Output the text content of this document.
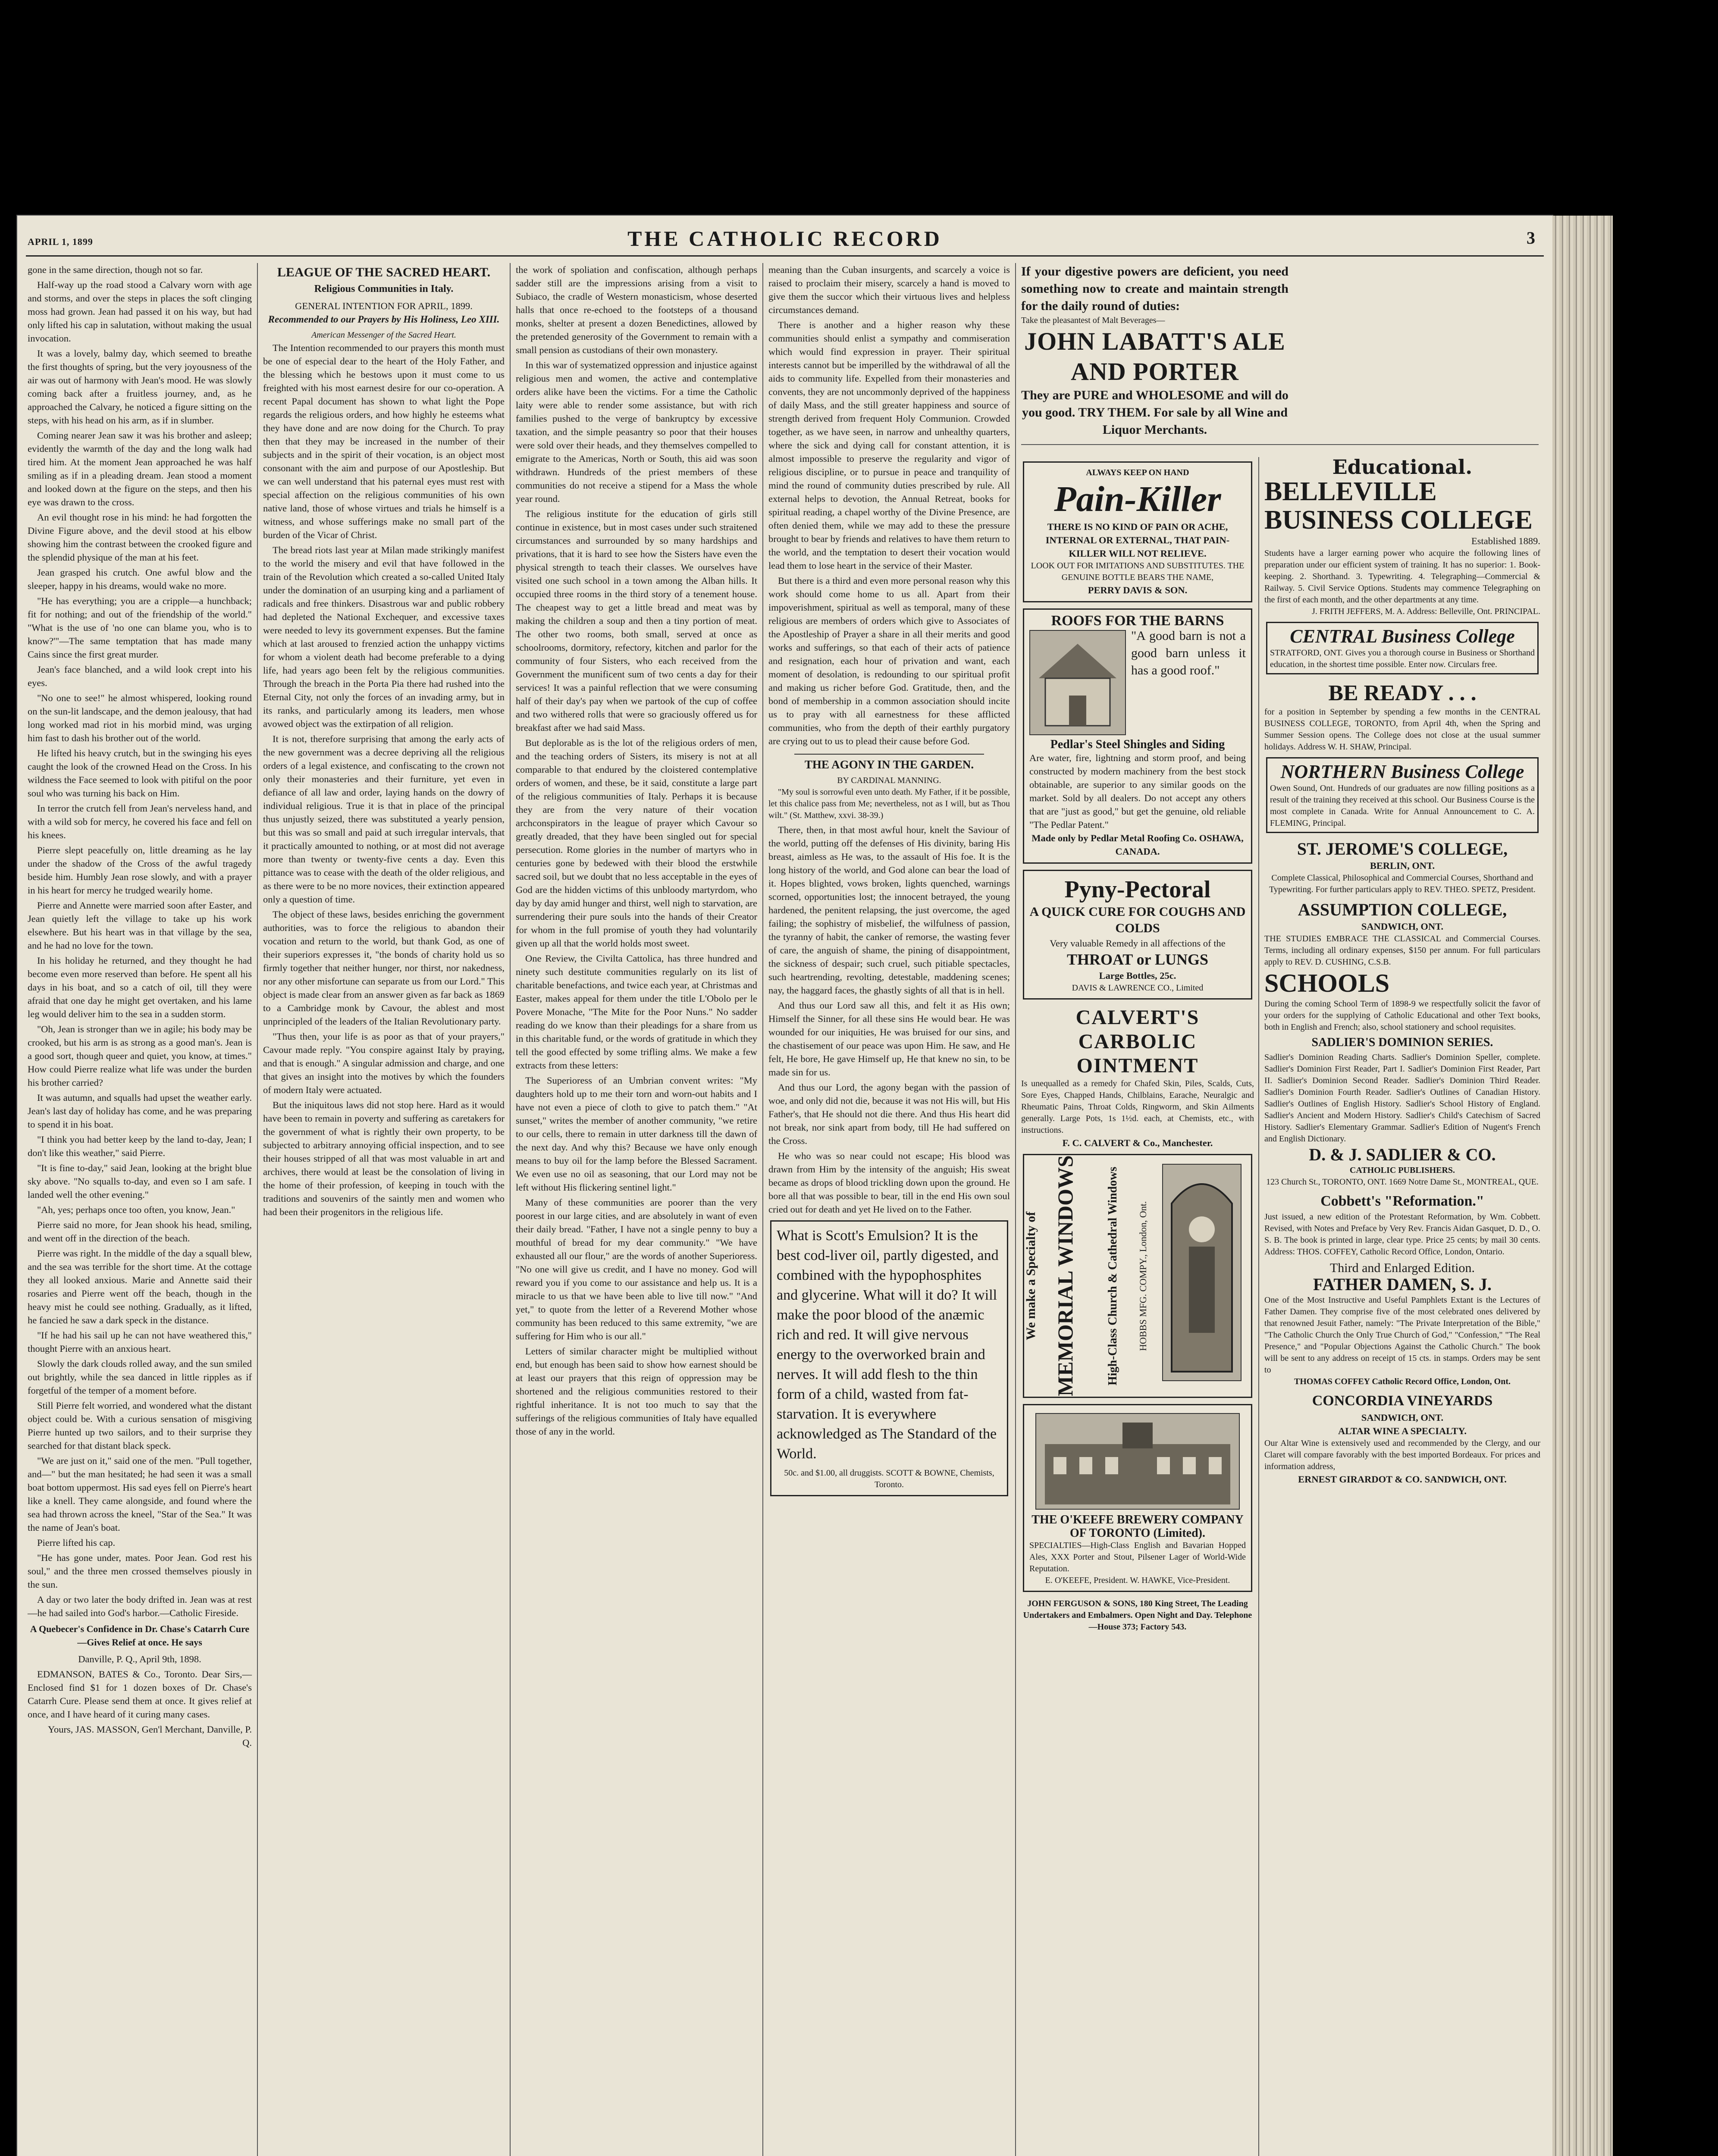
APRIL 1, 1899	THE CATHOLIC RECORD	3

gone in the same direction, though not so far.

Half-way up the road stood a Calvary worn with age and storms, and over the steps in places the soft clinging moss had grown. Jean had passed it on his way, but had only lifted his cap in salutation, without making the usual invocation.

It was a lovely, balmy day, which seemed to breathe the first thoughts of spring, but the very joyousness of the air was out of harmony with Jean's mood. He was slowly coming back after a fruitless journey, and, as he approached the Calvary, he noticed a figure sitting on the steps, with his head on his arm, as if in slumber.

Coming nearer Jean saw it was his brother and asleep; evidently the warmth of the day and the long walk had tired him. At the moment Jean approached he was half smiling as if in a pleading dream. Jean stood a moment and looked down at the figure on the steps, and then his eye was drawn to the cross.

An evil thought rose in his mind: he had forgotten the Divine Figure above, and the devil stood at his elbow showing him the contrast between the crooked figure and the splendid physique of the man at his feet.

Jean grasped his crutch. One awful blow and the sleeper, happy in his dreams, would wake no more.

"He has everything; you are a cripple—a hunchback; fit for nothing; and out of the friendship of the world." "What is the use of 'no one can blame you, who is to know?'"—The same temptation that has made many Cains since the first great murder.

Jean's face blanched, and a wild look crept into his eyes.

"No one to see!" he almost whispered, looking round on the sun-lit landscape, and the demon jealousy, that had long worked mad riot in his morbid mind, was urging him fast to dash his brother out of the world.

He lifted his heavy crutch, but in the swinging his eyes caught the look of the crowned Head on the Cross. In his wildness the Face seemed to look with pitiful on the poor soul who was turning his back on Him.

In terror the crutch fell from Jean's nerveless hand, and with a wild sob for mercy, he covered his face and fell on his knees.

Pierre slept peacefully on, little dreaming as he lay under the shadow of the Cross of the awful tragedy beside him. Humbly Jean rose slowly, and with a prayer in his heart for mercy he trudged wearily home.

Pierre and Annette were married soon after Easter, and Jean quietly left the village to take up his work elsewhere. But his heart was in that village by the sea, and he had no love for the town.

In his holiday he returned, and they thought he had become even more reserved than before. He spent all his days in his boat, and so a catch of oil, till they were afraid that one day he might get overtaken, and his lame leg would deliver him to the sea in a sudden storm.

"Oh, Jean is stronger than we in agile; his body may be crooked, but his arm is as strong as a good man's. Jean is a good sort, though queer and quiet, you know, at times." How could Pierre realize what life was under the burden his brother carried?

It was autumn, and squalls had upset the weather early. Jean's last day of holiday has come, and he was preparing to spend it in his boat.

"I think you had better keep by the land to-day, Jean; I don't like this weather," said Pierre.

"It is fine to-day," said Jean, looking at the bright blue sky above. "No squalls to-day, and even so I am safe. I landed well the other evening."

"Ah, yes; perhaps once too often, you know, Jean."

Pierre said no more, for Jean shook his head, smiling, and went off in the direction of the beach.

Pierre was right. In the middle of the day a squall blew, and the sea was terrible for the short time. At the cottage they all looked anxious. Marie and Annette said their rosaries and Pierre went off the beach, though in the heavy mist he could see nothing. Gradually, as it lifted, he fancied he saw a dark speck in the distance.

"If he had his sail up he can not have weathered this," thought Pierre with an anxious heart.

Slowly the dark clouds rolled away, and the sun smiled out brightly, while the sea danced in little ripples as if forgetful of the temper of a moment before.

Still Pierre felt worried, and wondered what the distant object could be. With a curious sensation of misgiving Pierre hunted up two sailors, and to their surprise they searched for that distant black speck.

"We are just on it," said one of the men. "Pull together, and—" but the man hesitated; he had seen it was a small boat bottom uppermost. His sad eyes fell on Pierre's heart like a knell. They came alongside, and found where the sea had thrown across the kneel, "Star of the Sea." It was the name of Jean's boat.

Pierre lifted his cap.

"He has gone under, mates. Poor Jean. God rest his soul," and the three men crossed themselves piously in the sun.

A day or two later the body drifted in. Jean was at rest—he had sailed into God's harbor.—Catholic Fireside.

A Quebecer's Confidence in Dr. Chase's Catarrh Cure—Gives Relief at once. He says

Danville, P. Q., April 9th, 1898.

EDMANSON, BATES & Co., Toronto. Dear Sirs,—Enclosed find $1 for 1 dozen boxes of Dr. Chase's Catarrh Cure. Please send them at once. It gives relief at once, and I have heard of it curing many cases.

Yours, JAS. MASSON, Gen'l Merchant, Danville, P. Q.

LEAGUE OF THE SACRED HEART.
Religious Communities in Italy.
GENERAL INTENTION FOR APRIL, 1899.
Recommended to our Prayers by His Holiness, Leo XIII.
American Messenger of the Sacred Heart.

The Intention recommended to our prayers this month must be one of especial dear to the heart of the Holy Father, and the blessing which he bestows upon it must come to us freighted with his most earnest desire for our co-operation. A recent Papal document has shown to what light the Pope regards the religious orders, and how highly he esteems what they have done and are now doing for the Church. To pray then that they may be increased in the number of their subjects and in the spirit of their vocation, is an object most consonant with the aim and purpose of our Apostleship. But we can well understand that his paternal eyes must rest with special affection on the religious communities of his own native land, those of whose virtues and trials he himself is a witness, and whose sufferings make no small part of the burden of the Vicar of Christ.

The bread riots last year at Milan made strikingly manifest to the world the misery and evil that have followed in the train of the Revolution which created a so-called United Italy under the domination of an usurping king and a parliament of radicals and free thinkers. Disastrous war and public robbery had depleted the National Exchequer, and excessive taxes were needed to levy its government expenses. But the famine which at last aroused to frenzied action the unhappy victims for whom a violent death had become preferable to a dying life, had years ago been felt by the religious communities. Through the breach in the Porta Pia there had rushed into the Eternal City, not only the forces of an invading army, but in its ranks, and particularly among its leaders, men whose avowed object was the extirpation of all religion.

It is not, therefore surprising that among the early acts of the new government was a decree depriving all the religious orders of a legal existence, and confiscating to the crown not only their monasteries and their furniture, yet even in defiance of all law and order, laying hands on the dowry of individual religious. True it is that in place of the principal thus unjustly seized, there was substituted a yearly pension, but this was so small and paid at such irregular intervals, that it practically amounted to nothing, or at most did not average more than twenty or twenty-five cents a day. Even this pittance was to cease with the death of the older religious, and as there were to be no more novices, their extinction appeared only a question of time.

The object of these laws, besides enriching the government authorities, was to force the religious to abandon their vocation and return to the world, but thank God, as one of their superiors expresses it, "the bonds of charity hold us so firmly together that neither hunger, nor thirst, nor nakedness, nor any other misfortune can separate us from our Lord." This object is made clear from an answer given as far back as 1869 to a Cambridge monk by Cavour, the ablest and most unprincipled of the leaders of the Italian Revolutionary party.

"Thus then, your life is as poor as that of your prayers," Cavour made reply. "You conspire against Italy by praying, and that is enough." A singular admission and charge, and one that gives an insight into the motives by which the founders of modern Italy were actuated.

But the iniquitous laws did not stop here. Hard as it would have been to remain in poverty and suffering as caretakers for the government of what is rightly their own property, to be subjected to arbitrary annoying official inspection, and to see their houses stripped of all that was most valuable in art and archives, there would at least be the consolation of living in the home of their profession, of keeping in touch with the traditions and souvenirs of the saintly men and women who had been their progenitors in the religious life.

the work of spoliation and confiscation, although perhaps sadder still are the impressions arising from a visit to Subiaco, the cradle of Western monasticism, whose deserted halls that once re-echoed to the footsteps of a thousand monks, shelter at present a dozen Benedictines, allowed by the pretended generosity of the Government to remain with a small pension as custodians of their own monastery.

In this war of systematized oppression and injustice against religious men and women, the active and contemplative orders alike have been the victims. For a time the Catholic laity were able to render some assistance, but with rich families pushed to the verge of bankruptcy by excessive taxation, and the simple peasantry so poor that their houses were sold over their heads, and they themselves compelled to emigrate to the Americas, North or South, this aid was soon withdrawn. Hundreds of the priest members of these communities do not receive a stipend for a Mass the whole year round.

The religious institute for the education of girls still continue in existence, but in most cases under such straitened circumstances and surrounded by so many hardships and privations, that it is hard to see how the Sisters have even the physical strength to teach their classes. We ourselves have visited one such school in a town among the Alban hills. It occupied three rooms in the third story of a tenement house. The cheapest way to get a little bread and meat was by making the children a soup and then a tiny portion of meat. The other two rooms, both small, served at once as schoolrooms, dormitory, refectory, kitchen and parlor for the community of four Sisters, who each received from the Government the munificent sum of two cents a day for their services! It was a painful reflection that we were consuming half of their day's pay when we partook of the cup of coffee and two withered rolls that were so graciously offered us for breakfast after we had said Mass.

But deplorable as is the lot of the religious orders of men, and the teaching orders of Sisters, its misery is not at all comparable to that endured by the cloistered contemplative orders of women, and these, be it said, constitute a large part of the religious communities of Italy. Perhaps it is because they are from the very nature of their vocation archconspirators in the league of prayer which Cavour so greatly dreaded, that they have been singled out for special persecution. Rome glories in the number of martyrs who in centuries gone by bedewed with their blood the erstwhile sacred soil, but we doubt that no less acceptable in the eyes of God are the hidden victims of this unbloody martyrdom, who day by day amid hunger and thirst, well nigh to starvation, are surrendering their pure souls into the hands of their Creator for whom in the full promise of youth they had voluntarily given up all that the world holds most sweet.

One Review, the Civilta Cattolica, has three hundred and ninety such destitute communities regularly on its list of charitable benefactions, and twice each year, at Christmas and Easter, makes appeal for them under the title L'Obolo per le Povere Monache, "The Mite for the Poor Nuns." No sadder reading do we know than their pleadings for a share from us in this charitable fund, or the words of gratitude in which they tell the good effected by some trifling alms. We make a few extracts from these letters:

The Superioress of an Umbrian convent writes: "My daughters hold up to me their torn and worn-out habits and I have not even a piece of cloth to give to patch them." "At sunset," writes the member of another community, "we retire to our cells, there to remain in utter darkness till the dawn of the next day. And why this? Because we have only enough means to buy oil for the lamp before the Blessed Sacrament. We even use no oil as seasoning, that our Lord may not be left without His flickering sentinel light."

Many of these communities are poorer than the very poorest in our large cities, and are absolutely in want of even their daily bread. "Father, I have not a single penny to buy a mouthful of bread for my dear community." "We have exhausted all our flour," are the words of another Superioress. "No one will give us credit, and I have no money. God will reward you if you come to our assistance and help us. It is a miracle to us that we have been able to live till now." "And yet," to quote from the letter of a Reverend Mother whose community has been reduced to this same extremity, "we are suffering for Him who is our all."

Letters of similar character might be multiplied without end, but enough has been said to show how earnest should be at least our prayers that this reign of oppression may be shortened and the religious communities restored to their rightful inheritance. It is not too much to say that the sufferings of the religious communities of Italy have equalled those of any in the world.

meaning than the Cuban insurgents, and scarcely a voice is raised to proclaim their misery, scarcely a hand is moved to give them the succor which their virtuous lives and helpless circumstances demand.

There is another and a higher reason why these communities should enlist a sympathy and commiseration which would find expression in prayer. Their spiritual interests cannot but be imperilled by the withdrawal of all the aids to community life. Expelled from their monasteries and convents, they are not uncommonly deprived of the happiness of daily Mass, and the still greater happiness and source of strength derived from frequent Holy Communion. Crowded together, as we have seen, in narrow and unhealthy quarters, where the sick and dying call for constant attention, it is almost impossible to preserve the regularity and vigor of religious discipline, or to pursue in peace and tranquility of mind the round of community duties prescribed by rule. All external helps to devotion, the Annual Retreat, books for spiritual reading, a chapel worthy of the Divine Presence, are often denied them, while we may add to these the pressure brought to bear by friends and relatives to have them return to the world, and the temptation to desert their vocation would lead them to lose heart in the service of their Master.

But there is a third and even more personal reason why this work should come home to us all. Apart from their impoverishment, spiritual as well as temporal, many of these religious are members of orders which give to Associates of the Apostleship of Prayer a share in all their merits and good works and sufferings, so that each of their acts of patience and resignation, each hour of privation and want, each moment of desolation, is redounding to our spiritual profit and making us richer before God. Gratitude, then, and the bond of membership in a common association should incite us to pray with all earnestness for these afflicted communities, who from the depth of their earthly purgatory are crying out to us to plead their cause before God.

THE AGONY IN THE GARDEN.
BY CARDINAL MANNING.

"My soul is sorrowful even unto death. My Father, if it be possible, let this chalice pass from Me; nevertheless, not as I will, but as Thou wilt." (St. Matthew, xxvi. 38-39.)

There, then, in that most awful hour, knelt the Saviour of the world, putting off the defenses of His divinity, baring His breast, aimless as He was, to the assault of His foe. It is the long history of the world, and God alone can bear the load of it. Hopes blighted, vows broken, lights quenched, warnings scorned, opportunities lost; the innocent betrayed, the young hardened, the penitent relapsing, the just overcome, the aged failing; the sophistry of misbelief, the wilfulness of passion, the tyranny of habit, the canker of remorse, the wasting fever of care, the anguish of shame, the pining of disappointment, the sickness of despair; such cruel, such pitiable spectacles, such heartrending, revolting, detestable, maddening scenes; nay, the haggard faces, the ghastly sights of all that is in hell.

And thus our Lord saw all this, and felt it as His own; Himself the Sinner, for all these sins He would bear. He was wounded for our iniquities, He was bruised for our sins, and the chastisement of our peace was upon Him. He saw, and He felt, He bore, He gave Himself up, He that knew no sin, to be made sin for us.

And thus our Lord, the agony began with the passion of woe, and only did not die, because it was not His will, but His Father's, that He should not die there. And thus His heart did not break, nor sink apart from body, till He had suffered on the Cross.

He who was so near could not escape; His blood was drawn from Him by the intensity of the anguish; His sweat became as drops of blood trickling down upon the ground. He bore all that was possible to bear, till in the end His own soul cried out for death and yet He lived on to the Father.

What is Scott's Emulsion? It is the best cod-liver oil, partly digested, and combined with the hypophosphites and glycerine. What will it do? It will make the poor blood of the anæmic rich and red. It will give nervous energy to the overworked brain and nerves. It will add flesh to the thin form of a child, wasted from fat-starvation. It is everywhere acknowledged as The Standard of the World.
50c. and $1.00, all druggists. SCOTT & BOWNE, Chemists, Toronto.
If your digestive powers are deficient, you need something now to create and maintain strength for the daily round of duties:
Take the pleasantest of Malt Beverages—
JOHN LABATT'S ALE AND PORTER
They are PURE and WHOLESOME and will do you good. TRY THEM. For sale by all Wine and Liquor Merchants.
ALWAYS KEEP ON HAND
Pain-Killer
THERE IS NO KIND OF PAIN OR ACHE, INTERNAL OR EXTERNAL, THAT PAIN-KILLER WILL NOT RELIEVE.
LOOK OUT FOR IMITATIONS AND SUBSTITUTES. THE GENUINE BOTTLE BEARS THE NAME,
PERRY DAVIS & SON.
ROOFS FOR THE BARNS
"A good barn is not a good barn unless it has a good roof."
Pedlar's Steel Shingles and Siding
Are water, fire, lightning and storm proof, and being constructed by modern machinery from the best stock obtainable, are superior to any similar goods on the market. Sold by all dealers. Do not accept any others that are "just as good," but get the genuine, old reliable "The Pedlar Patent."
Made only by Pedlar Metal Roofing Co. OSHAWA, CANADA.
Pyny-Pectoral
A QUICK CURE FOR COUGHS AND COLDS
Very valuable Remedy in all affections of the
THROAT or LUNGS
Large Bottles, 25c.
DAVIS & LAWRENCE CO., Limited
CALVERT'S CARBOLIC OINTMENT
Is unequalled as a remedy for Chafed Skin, Piles, Scalds, Cuts, Sore Eyes, Chapped Hands, Chilblains, Earache, Neuralgic and Rheumatic Pains, Throat Colds, Ringworm, and Skin Ailments generally. Large Pots, 1s 1½d. each, at Chemists, etc., with instructions.
F. C. CALVERT & Co., Manchester.
We make a Specialty of MEMORIAL WINDOWS	High-Class Church & Cathedral Windows	HOBBS MFG. COMPY., London, Ont.
THE O'KEEFE BREWERY COMPANY OF TORONTO (Limited).
SPECIALTIES—High-Class English and Bavarian Hopped Ales, XXX Porter and Stout, Pilsener Lager of World-Wide Reputation.
E. O'KEEFE, President. W. HAWKE, Vice-President.
JOHN FERGUSON & SONS, 180 King Street, The Leading Undertakers and Embalmers. Open Night and Day. Telephone—House 373; Factory 543.
Educational.
BELLEVILLE BUSINESS COLLEGE
Established 1889.
Students have a larger earning power who acquire the following lines of preparation under our efficient system of training. It has no superior: 1. Book-keeping. 2. Shorthand. 3. Typewriting. 4. Telegraphing—Commercial & Railway. 5. Civil Service Options. Students may commence Telegraphing on the first of each month, and the other departments at any time.
J. FRITH JEFFERS, M. A. Address: Belleville, Ont. PRINCIPAL.
CENTRAL Business College
STRATFORD, ONT. Gives you a thorough course in Business or Shorthand education, in the shortest time possible. Enter now. Circulars free.
BE READY . . .
for a position in September by spending a few months in the CENTRAL BUSINESS COLLEGE, TORONTO, from April 4th, when the Spring and Summer Session opens. The College does not close at the usual summer holidays. Address W. H. SHAW, Principal.
NORTHERN Business College
Owen Sound, Ont. Hundreds of our graduates are now filling positions as a result of the training they received at this school. Our Business Course is the most complete in Canada. Write for Annual Announcement to C. A. FLEMING, Principal.
ST. JEROME'S COLLEGE,
BERLIN, ONT.
Complete Classical, Philosophical and Commercial Courses, Shorthand and Typewriting. For further particulars apply to REV. THEO. SPETZ, President.
ASSUMPTION COLLEGE,
SANDWICH, ONT.
THE STUDIES EMBRACE THE CLASSICAL and Commercial Courses. Terms, including all ordinary expenses, $150 per annum. For full particulars apply to REV. D. CUSHING, C.S.B.
SCHOOLS
During the coming School Term of 1898-9 we respectfully solicit the favor of your orders for the supplying of Catholic Educational and other Text books, both in English and French; also, school stationery and school requisites.
SADLIER'S DOMINION SERIES.
Sadlier's Dominion Reading Charts. Sadlier's Dominion Speller, complete. Sadlier's Dominion First Reader, Part I. Sadlier's Dominion First Reader, Part II. Sadlier's Dominion Second Reader. Sadlier's Dominion Third Reader. Sadlier's Dominion Fourth Reader. Sadlier's Outlines of Canadian History. Sadlier's Outlines of English History. Sadlier's School History of England. Sadlier's Ancient and Modern History. Sadlier's Child's Catechism of Sacred History. Sadlier's Elementary Grammar. Sadlier's Edition of Nugent's French and English Dictionary.
D. & J. SADLIER & CO.
CATHOLIC PUBLISHERS.
123 Church St., TORONTO, ONT. 1669 Notre Dame St., MONTREAL, QUE.
Cobbett's "Reformation."
Just issued, a new edition of the Protestant Reformation, by Wm. Cobbett. Revised, with Notes and Preface by Very Rev. Francis Aidan Gasquet, D. D., O. S. B. The book is printed in large, clear type. Price 25 cents; by mail 30 cents. Address: THOS. COFFEY, Catholic Record Office, London, Ontario.
Third and Enlarged Edition.
FATHER DAMEN, S. J.
One of the Most Instructive and Useful Pamphlets Extant is the Lectures of Father Damen. They comprise five of the most celebrated ones delivered by that renowned Jesuit Father, namely: "The Private Interpretation of the Bible," "The Catholic Church the Only True Church of God," "Confession," "The Real Presence," and "Popular Objections Against the Catholic Church." The book will be sent to any address on receipt of 15 cts. in stamps. Orders may be sent to
THOMAS COFFEY Catholic Record Office, London, Ont.
CONCORDIA VINEYARDS
SANDWICH, ONT.
ALTAR WINE A SPECIALTY.
Our Altar Wine is extensively used and recommended by the Clergy, and our Claret will compare favorably with the best imported Bordeaux. For prices and information address,
ERNEST GIRARDOT & CO. SANDWICH, ONT.
